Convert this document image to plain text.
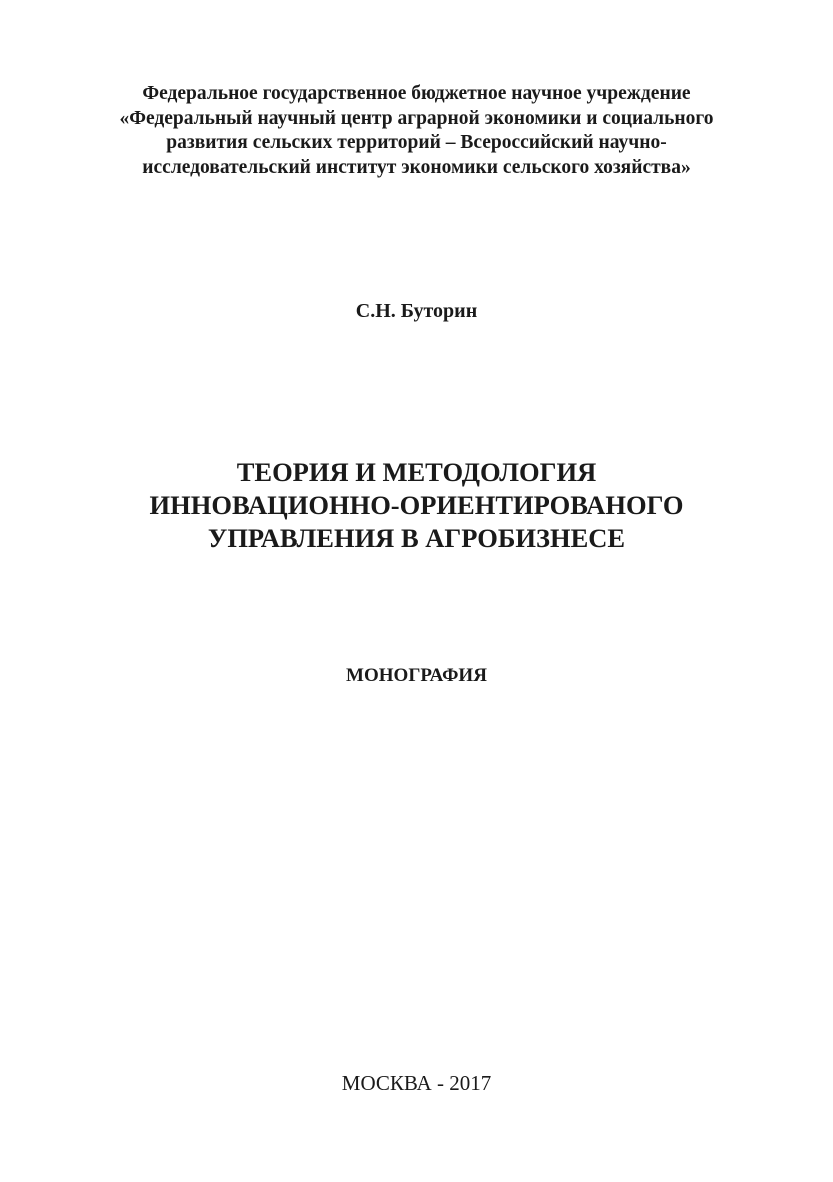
Федеральное государственное бюджетное научное учреждение
«Федеральный научный центр аграрной экономики и социального
развития сельских территорий – Всероссийский научно-
исследовательский институт экономики сельского хозяйства»
С.Н. Буторин
ТЕОРИЯ И МЕТОДОЛОГИЯ
ИННОВАЦИОННО-ОРИЕНТИРОВАНОГО
УПРАВЛЕНИЯ В АГРОБИЗНЕСЕ
МОНОГРАФИЯ
МОСКВА - 2017
